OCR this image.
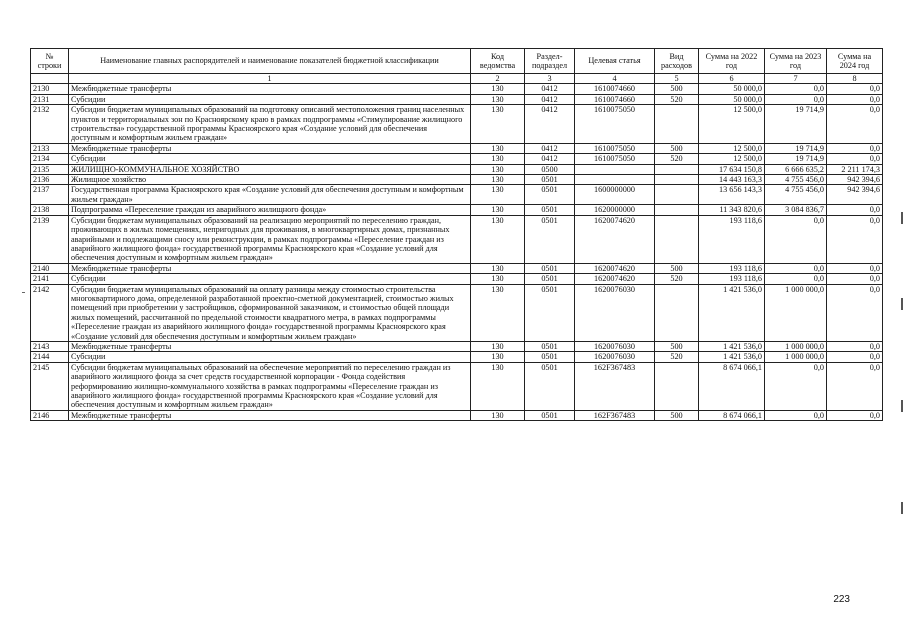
№ строки	Наименование главных распорядителей и наименование показателей бюджетной классификации	Код ведомства	Раздел-подраздел	Целевая статья	Вид расходов	Сумма на 2022 год	Сумма на 2023 год	Сумма на 2024 год
	1	2	3	4	5	6	7	8
2130	Межбюджетные трансферты	130	0412	1610074660	500	50 000,0	0,0	0,0
2131	Субсидии	130	0412	1610074660	520	50 000,0	0,0	0,0
2132	Субсидии бюджетам муниципальных образований на подготовку описаний местоположения границ населенных пунктов и территориальных зон по Красноярскому краю в рамках подпрограммы «Стимулирование жилищного строительства» государственной программы Красноярского края «Создание условий для обеспечения доступным и комфортным жильем граждан»	130	0412	1610075050		12 500,0	19 714,9	0,0
2133	Межбюджетные трансферты	130	0412	1610075050	500	12 500,0	19 714,9	0,0
2134	Субсидии	130	0412	1610075050	520	12 500,0	19 714,9	0,0
2135	ЖИЛИЩНО-КОММУНАЛЬНОЕ ХОЗЯЙСТВО	130	0500			17 634 150,8	6 666 635,2	2 211 174,3
2136	Жилищное хозяйство	130	0501			14 443 163,3	4 755 456,0	942 394,6
2137	Государственная программа Красноярского края «Создание условий для обеспечения доступным и комфортным жильем граждан»	130	0501	1600000000		13 656 143,3	4 755 456,0	942 394,6
2138	Подпрограмма «Переселение граждан из аварийного жилищного фонда»	130	0501	1620000000		11 343 820,6	3 084 836,7	0,0
2139	Субсидии бюджетам муниципальных образований на реализацию мероприятий по переселению граждан, проживающих в жилых помещениях, непригодных для проживания, в многоквартирных домах, признанных аварийными и подлежащими сносу или реконструкции, в рамках подпрограммы «Переселение граждан из аварийного жилищного фонда» государственной программы Красноярского края «Создание условий для обеспечения доступным и комфортным жильем граждан»	130	0501	1620074620		193 118,6	0,0	0,0
2140	Межбюджетные трансферты	130	0501	1620074620	500	193 118,6	0,0	0,0
2141	Субсидии	130	0501	1620074620	520	193 118,6	0,0	0,0
2142	Субсидии бюджетам муниципальных образований на оплату разницы между стоимостью строительства многоквартирного дома, определенной разработанной проектно-сметной документацией, стоимостью жилых помещений при приобретении у застройщиков, сформированной заказчиком, и стоимостью общей площади жилых помещений, рассчитанной по предельной стоимости квадратного метра, в рамках подпрограммы «Переселение граждан из аварийного жилищного фонда» государственной программы Красноярского края «Создание условий для обеспечения доступным и комфортным жильем граждан»	130	0501	1620076030		1 421 536,0	1 000 000,0	0,0
2143	Межбюджетные трансферты	130	0501	1620076030	500	1 421 536,0	1 000 000,0	0,0
2144	Субсидии	130	0501	1620076030	520	1 421 536,0	1 000 000,0	0,0
2145	Субсидии бюджетам муниципальных образований на обеспечение мероприятий по переселению граждан из аварийного жилищного фонда за счет средств государственной корпорации - Фонда содействия реформированию жилищно-коммунального хозяйства в рамках подпрограммы «Переселение граждан из аварийного жилищного фонда» государственной программы Красноярского края «Создание условий для обеспечения доступным и комфортным жильем граждан»	130	0501	162F367483		8 674 066,1	0,0	0,0
2146	Межбюджетные трансферты	130	0501	162F367483	500	8 674 066,1	0,0	0,0
223
